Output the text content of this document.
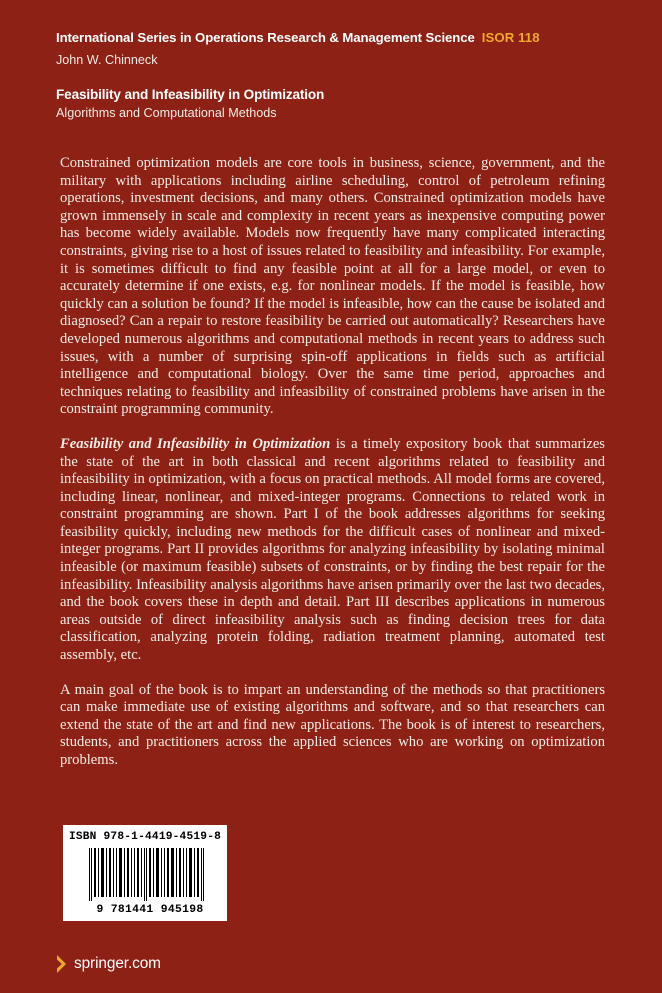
International Series in Operations Research & Management Science ISOR 118
John W. Chinneck
Feasibility and Infeasibility in Optimization
Algorithms and Computational Methods

Constrained optimization models are core tools in business, science, government, and the military with applications including airline scheduling, control of petroleum refining operations, investment decisions, and many others. Constrained optimization models have grown immensely in scale and complexity in recent years as inexpensive computing power has become widely available. Models now frequently have many complicated interacting constraints, giving rise to a host of issues related to feasibility and infeasibility. For example, it is sometimes difficult to find any feasible point at all for a large model, or even to accurately determine if one exists, e.g. for nonlinear models. If the model is feasible, how quickly can a solution be found? If the model is infeasible, how can the cause be isolated and diagnosed? Can a repair to restore feasibility be carried out automatically? Researchers have developed numerous algorithms and computational methods in recent years to address such issues, with a number of surprising spin-off applications in fields such as artificial intelligence and computational biology. Over the same time period, approaches and techniques relating to feasibility and infeasibility of constrained problems have arisen in the constraint programming community.

Feasibility and Infeasibility in Optimization is a timely expository book that summarizes the state of the art in both classical and recent algorithms related to feasibility and infeasibility in optimization, with a focus on practical methods. All model forms are covered, including linear, nonlinear, and mixed-integer programs. Connections to related work in constraint programming are shown. Part I of the book addresses algorithms for seeking feasibility quickly, including new methods for the difficult cases of nonlinear and mixed-integer programs. Part II provides algorithms for analyzing infeasibility by isolating minimal infeasible (or maximum feasible) subsets of constraints, or by finding the best repair for the infeasibility. Infeasibility analysis algorithms have arisen primarily over the last two decades, and the book covers these in depth and detail. Part III describes applications in numerous areas outside of direct infeasibility analysis such as finding decision trees for data classification, analyzing protein folding, radiation treatment planning, automated test assembly, etc.

A main goal of the book is to impart an understanding of the methods so that practitioners can make immediate use of existing algorithms and software, and so that researchers can extend the state of the art and find new applications. The book is of interest to researchers, students, and practitioners across the applied sciences who are working on optimization problems.

ISBN 978-1-4419-4519-8
9 781441 945198
springer.com
